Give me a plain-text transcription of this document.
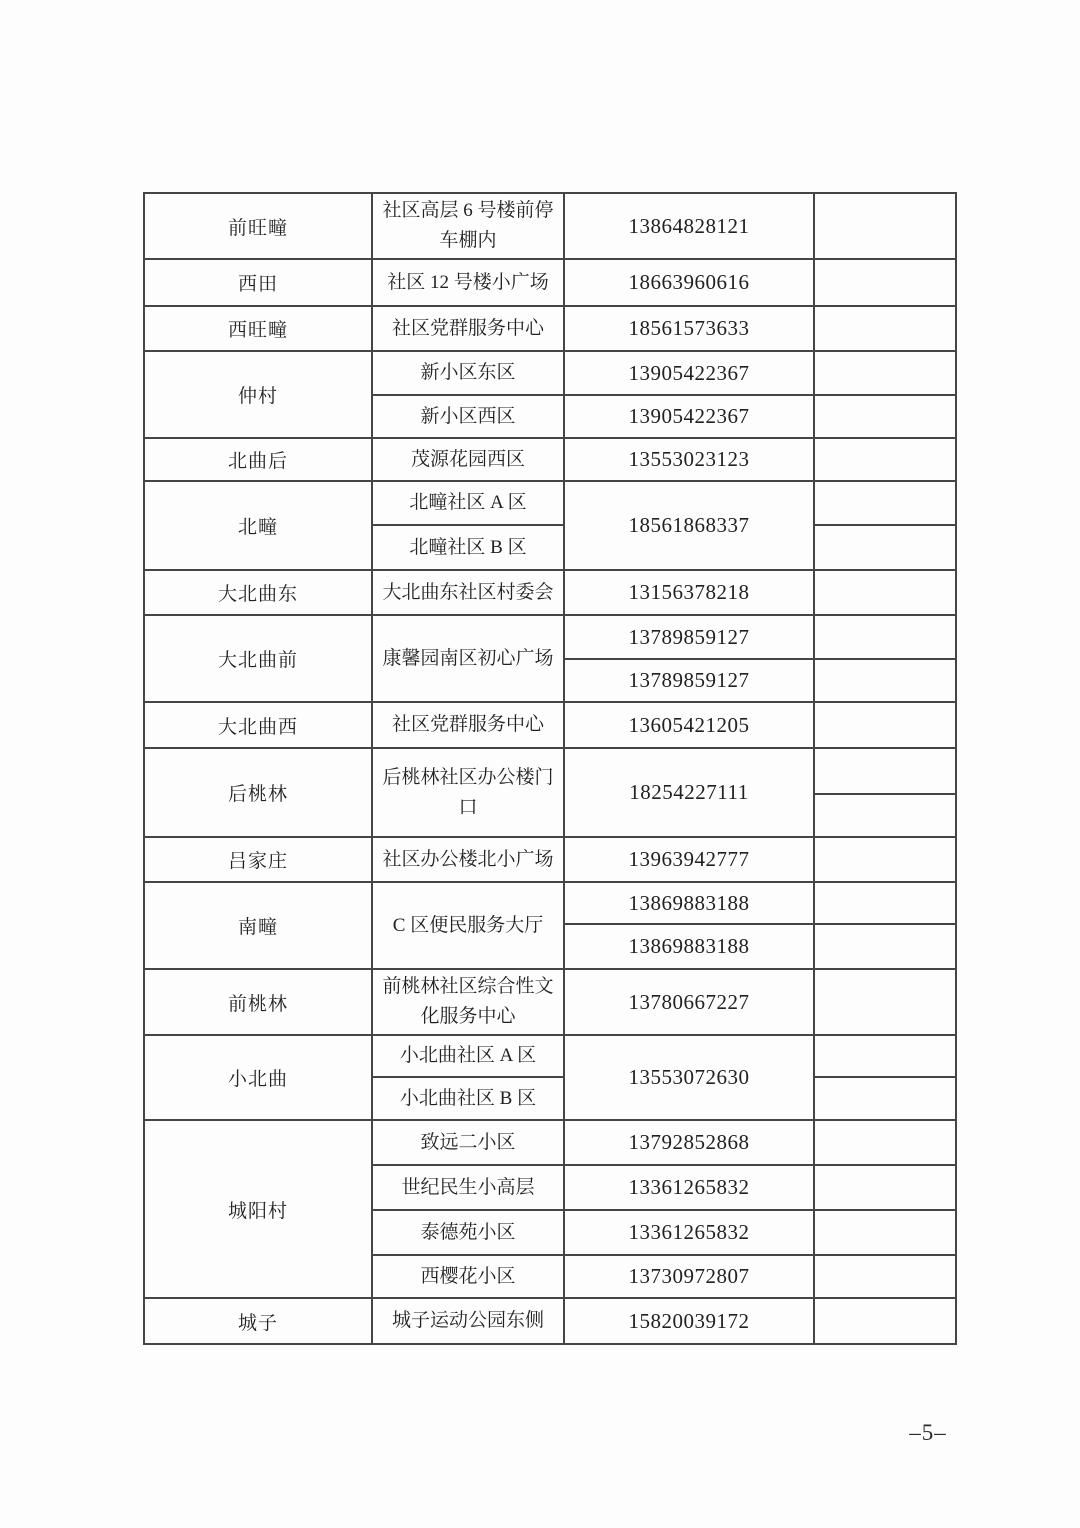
前旺疃	社区高层 6 号楼前停车棚内	13864828121	
西田	社区 12 号楼小广场	18663960616	
西旺疃	社区党群服务中心	18561573633	
仲村	新小区东区	13905422367	
	新小区西区	13905422367	
北曲后	茂源花园西区	13553023123	
北疃	北疃社区 A 区	18561868337	
	北疃社区 B 区		
大北曲东	大北曲东社区村委会	13156378218	
大北曲前	康馨园南区初心广场	13789859127	
		13789859127	
大北曲西	社区党群服务中心	13605421205	
后桃林	后桃林社区办公楼门口	18254227111	

吕家庄	社区办公楼北小广场	13963942777	
南疃	C 区便民服务大厅	13869883188	
		13869883188	
前桃林	前桃林社区综合性文化服务中心	13780667227	
小北曲	小北曲社区 A 区	13553072630	
	小北曲社区 B 区		
城阳村	致远二小区	13792852868	
	世纪民生小高层	13361265832	
	泰德苑小区	13361265832	
	西樱花小区	13730972807	
城子	城子运动公园东侧	15820039172	
–5–
